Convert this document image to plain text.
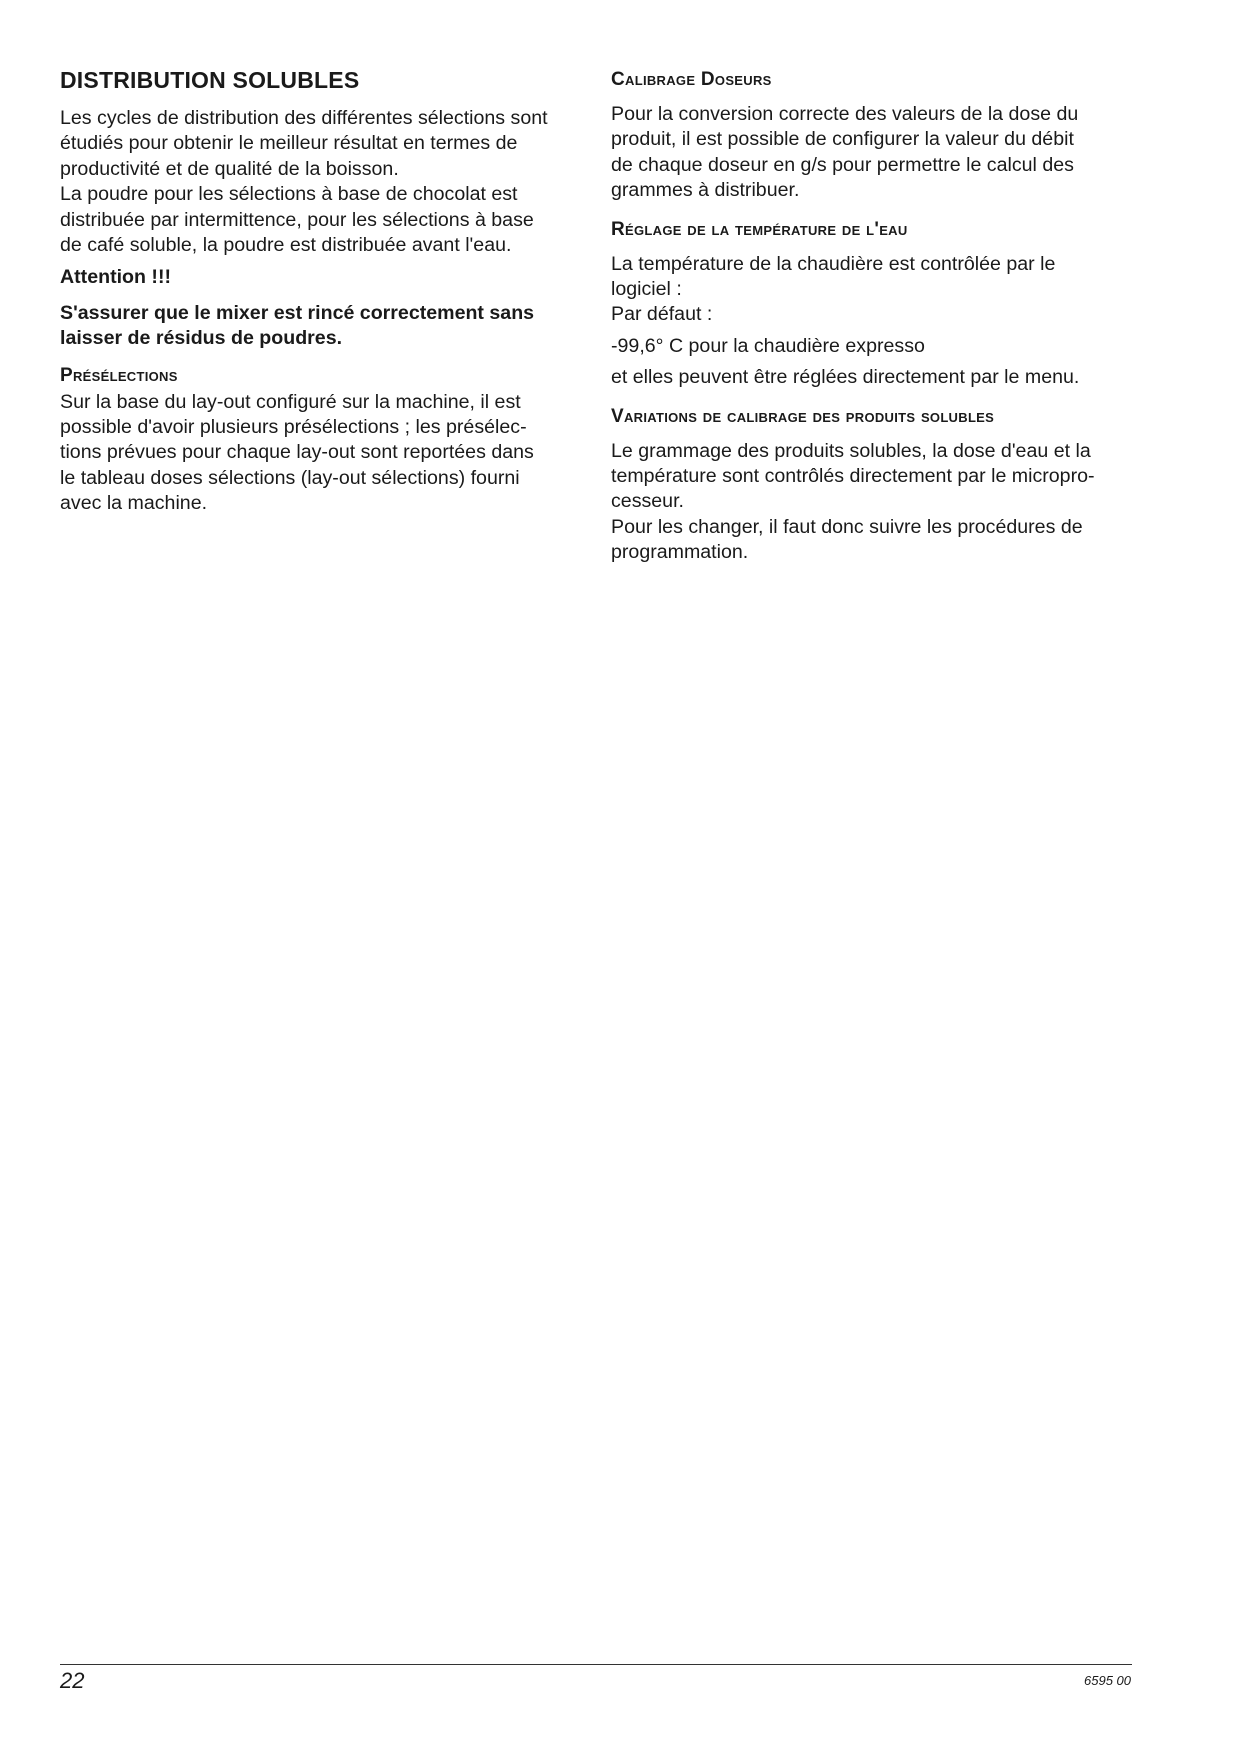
DISTRIBUTION SOLUBLES
Les cycles de distribution des différentes sélections sont
étudiés pour obtenir le meilleur résultat en termes de
productivité et de qualité de la boisson.
La poudre pour les sélections à base de chocolat est
distribuée par intermittence, pour les sélections à base
de café soluble, la poudre est distribuée avant l'eau.
Attention !!!
S'assurer que le mixer est rincé correctement sans
laisser de résidus de poudres.
Présélections
Sur la base du lay-out configuré sur la machine, il est
possible d'avoir plusieurs présélections ; les présélec-
tions prévues pour chaque lay-out sont reportées dans
le tableau doses sélections (lay-out sélections) fourni
avec la machine.
Calibrage Doseurs
Pour la conversion correcte des valeurs de la dose du
produit, il est possible de configurer la valeur du débit
de chaque doseur en g/s pour permettre le calcul des
grammes à distribuer.
Réglage de la température de l'eau
La température de la chaudière est contrôlée par le
logiciel :
Par défaut :
-99,6° C pour la chaudière expresso
et elles peuvent être réglées directement par le menu.
Variations de calibrage des produits solubles
Le grammage des produits solubles, la dose d'eau et la
température sont contrôlés directement par le micropro-
cesseur.
Pour les changer, il faut donc suivre les procédures de
programmation.
22	6595 00
